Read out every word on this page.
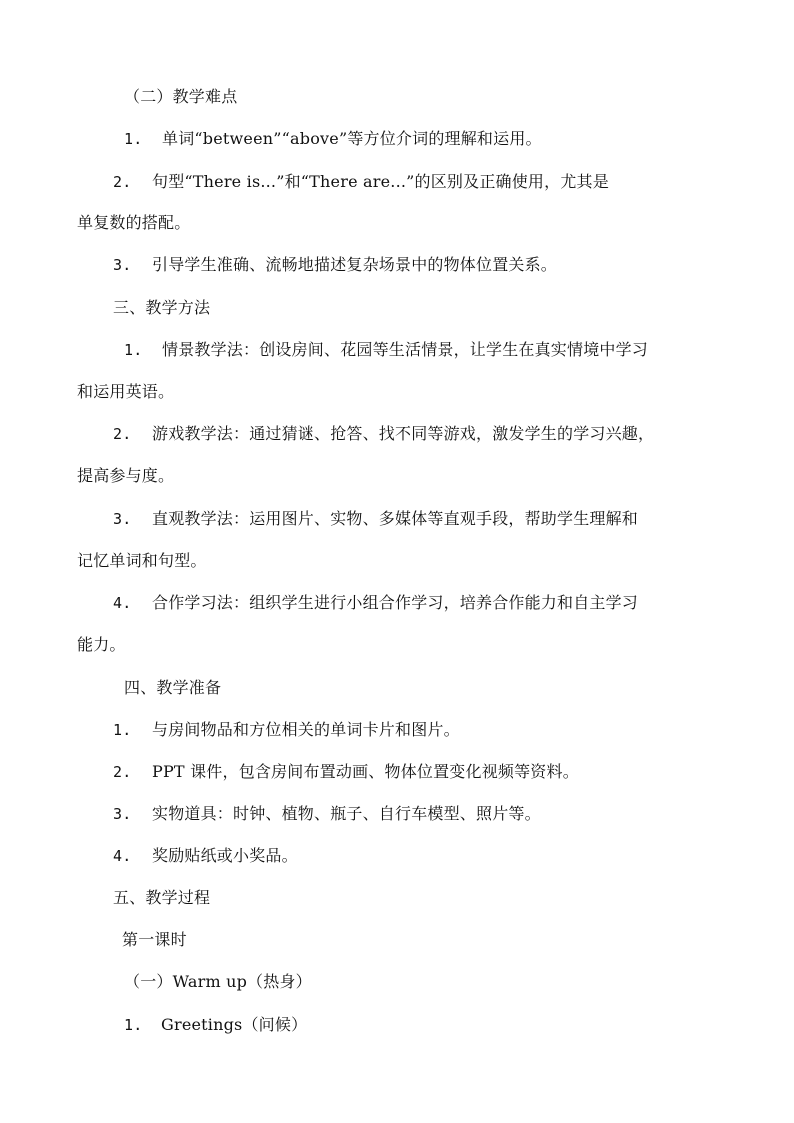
（二）教学难点
1. 单词“between”“above”等方位介词的理解和运用。
2. 句型“There is...”和“There are...”的区别及正确使用，尤其是
单复数的搭配。
3. 引导学生准确、流畅地描述复杂场景中的物体位置关系。
三、教学方法
1. 情景教学法：创设房间、花园等生活情景，让学生在真实情境中学习
和运用英语。
2. 游戏教学法：通过猜谜、抢答、找不同等游戏，激发学生的学习兴趣，
提高参与度。
3. 直观教学法：运用图片、实物、多媒体等直观手段，帮助学生理解和
记忆单词和句型。
4. 合作学习法：组织学生进行小组合作学习，培养合作能力和自主学习
能力。
四、教学准备
1. 与房间物品和方位相关的单词卡片和图片。
2. PPT 课件，包含房间布置动画、物体位置变化视频等资料。
3. 实物道具：时钟、植物、瓶子、自行车模型、照片等。
4. 奖励贴纸或小奖品。
五、教学过程
第一课时
（一）Warm up（热身）
1. Greetings（问候）
